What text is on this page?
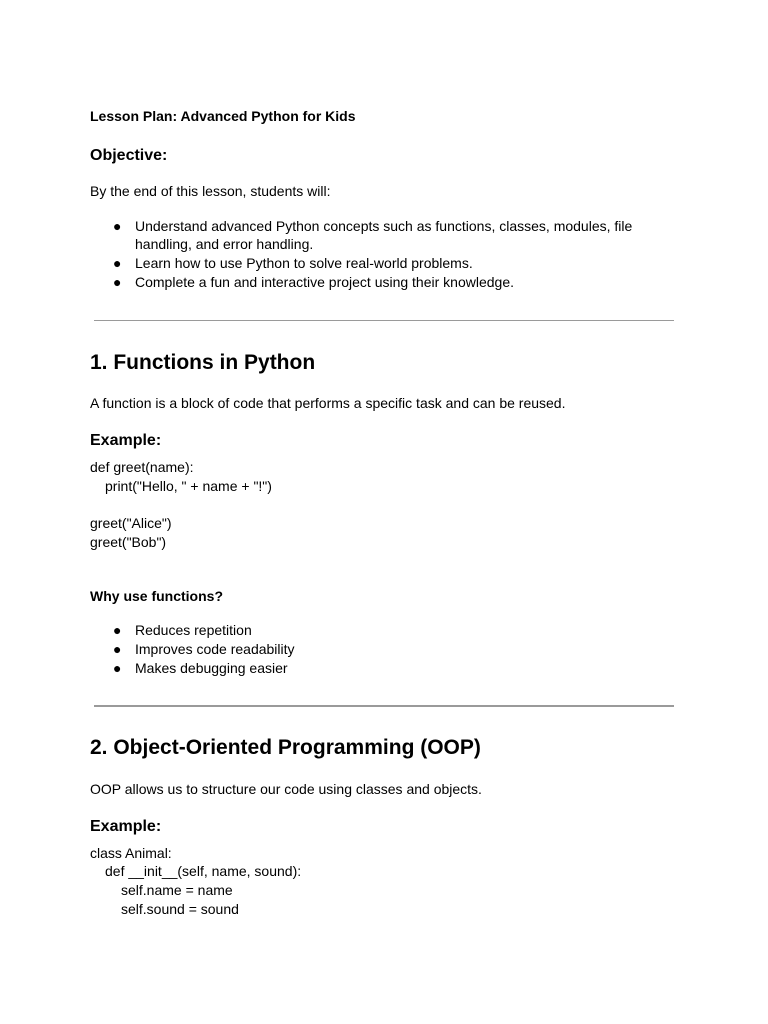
Lesson Plan: Advanced Python for Kids

Objective:

By the end of this lesson, students will:

● Understand advanced Python concepts such as functions, classes, modules, file handling, and error handling.
● Learn how to use Python to solve real-world problems.
● Complete a fun and interactive project using their knowledge.
1. Functions in Python

A function is a block of code that performs a specific task and can be reused.

Example:

def greet(name):

print("Hello, " + name + "!")

greet("Alice")

greet("Bob")

Why use functions?

● Reduces repetition
● Improves code readability
● Makes debugging easier
2. Object-Oriented Programming (OOP)

OOP allows us to structure our code using classes and objects.

Example:

class Animal:

def __init__(self, name, sound):

self.name = name

self.sound = sound
